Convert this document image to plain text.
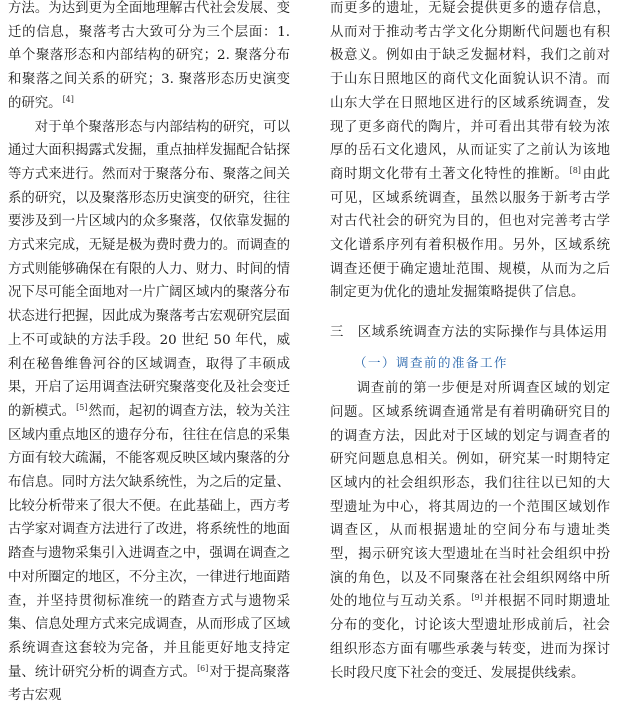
方法。为达到更为全面地理解古代社会发展、变迁的信息，聚落考古大致可分为三个层面：1. 单个聚落形态和内部结构的研究；2. 聚落分布和聚落之间关系的研究；3. 聚落形态历史演变的研究。[4]

对于单个聚落形态与内部结构的研究，可以通过大面积揭露式发掘，重点抽样发掘配合钻探等方式来进行。然而对于聚落分布、聚落之间关系的研究，以及聚落形态历史演变的研究，往往要涉及到一片区域内的众多聚落，仅依靠发掘的方式来完成，无疑是极为费时费力的。而调查的方式则能够确保在有限的人力、财力、时间的情况下尽可能全面地对一片广阔区域内的聚落分布状态进行把握，因此成为聚落考古宏观研究层面上不可或缺的方法手段。20 世纪 50 年代，威利在秘鲁维鲁河谷的区域调查，取得了丰硕成果，开启了运用调查法研究聚落变化及社会变迁的新模式。[5]然而，起初的调查方法，较为关注区域内重点地区的遗存分布，往往在信息的采集方面有较大疏漏，不能客观反映区域内聚落的分布信息。同时方法欠缺系统性，为之后的定量、比较分析带来了很大不便。在此基础上，西方考古学家对调查方法进行了改进，将系统性的地面踏查与遗物采集引入进调查之中，强调在调查之中对所圈定的地区，不分主次，一律进行地面踏查，并坚持贯彻标准统一的踏查方式与遗物采集、信息处理方式来完成调查，从而形成了区域系统调查这套较为完备，并且能更好地支持定量、统计研究分析的调查方式。[6]对于提高聚落考古宏观

而更多的遗址，无疑会提供更多的遗存信息，从而对于推动考古学文化分期断代问题也有积极意义。例如由于缺乏发掘材料，我们之前对于山东日照地区的商代文化面貌认识不清。而山东大学在日照地区进行的区域系统调查，发现了更多商代的陶片，并可看出其带有较为浓厚的岳石文化遗风，从而证实了之前认为该地商时期文化带有土著文化特性的推断。[8]由此可见，区域系统调查，虽然以服务于新考古学对古代社会的研究为目的，但也对完善考古学文化谱系序列有着积极作用。另外，区域系统调查还便于确定遗址范围、规模，从而为之后制定更为优化的遗址发掘策略提供了信息。

三　区域系统调查方法的实际操作与具体运用
（一）调查前的准备工作

调查前的第一步便是对所调查区域的划定问题。区域系统调查通常是有着明确研究目的的调查方法，因此对于区域的划定与调查者的研究问题息息相关。例如，研究某一时期特定区域内的社会组织形态，我们往往以已知的大型遗址为中心，将其周边的一个范围区域划作调查区，从而根据遗址的空间分布与遗址类型，揭示研究该大型遗址在当时社会组织中扮演的角色，以及不同聚落在社会组织网络中所处的地位与互动关系。[9]并根据不同时期遗址分布的变化，讨论该大型遗址形成前后，社会组织形态方面有哪些承袭与转变，进而为探讨长时段尺度下社会的变迁、发展提供线索。
